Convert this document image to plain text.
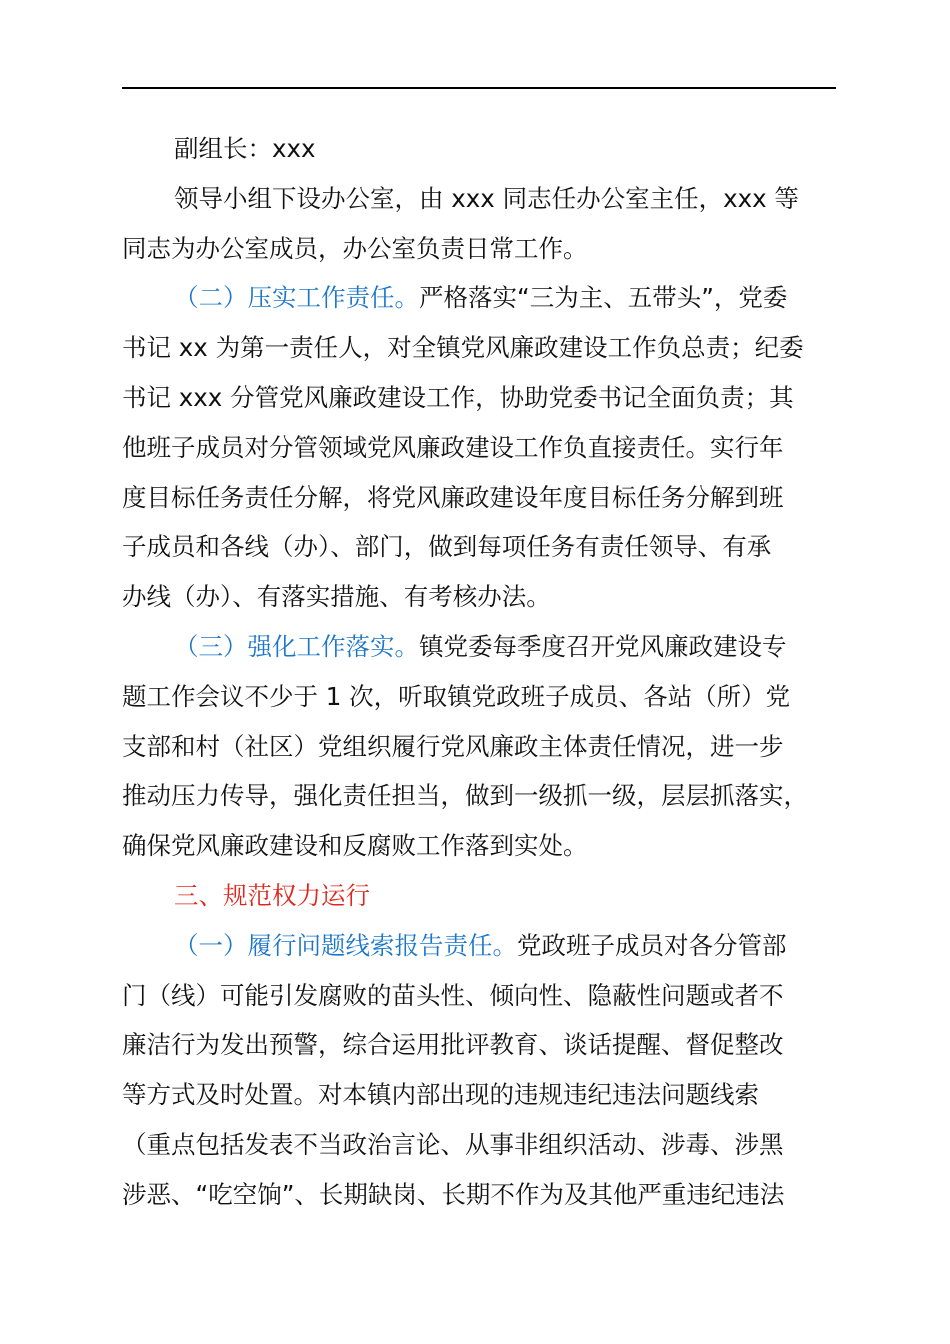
副组长：xxx
领导小组下设办公室，由 xxx 同志任办公室主任，xxx 等
同志为办公室成员，办公室负责日常工作。
（二）压实工作责任。严格落实“三为主、五带头”，党委
书记 xx 为第一责任人，对全镇党风廉政建设工作负总责；纪委
书记 xxx 分管党风廉政建设工作，协助党委书记全面负责；其
他班子成员对分管领域党风廉政建设工作负直接责任。实行年
度目标任务责任分解，将党风廉政建设年度目标任务分解到班
子成员和各线（办）、部门，做到每项任务有责任领导、有承
办线（办）、有落实措施、有考核办法。
（三）强化工作落实。镇党委每季度召开党风廉政建设专
题工作会议不少于 1 次，听取镇党政班子成员、各站（所）党
支部和村（社区）党组织履行党风廉政主体责任情况，进一步
推动压力传导，强化责任担当，做到一级抓一级，层层抓落实，
确保党风廉政建设和反腐败工作落到实处。
三、规范权力运行
（一）履行问题线索报告责任。党政班子成员对各分管部
门（线）可能引发腐败的苗头性、倾向性、隐蔽性问题或者不
廉洁行为发出预警，综合运用批评教育、谈话提醒、督促整改
等方式及时处置。对本镇内部出现的违规违纪违法问题线索
（重点包括发表不当政治言论、从事非组织活动、涉毒、涉黑
涉恶、“吃空饷”、长期缺岗、长期不作为及其他严重违纪违法
